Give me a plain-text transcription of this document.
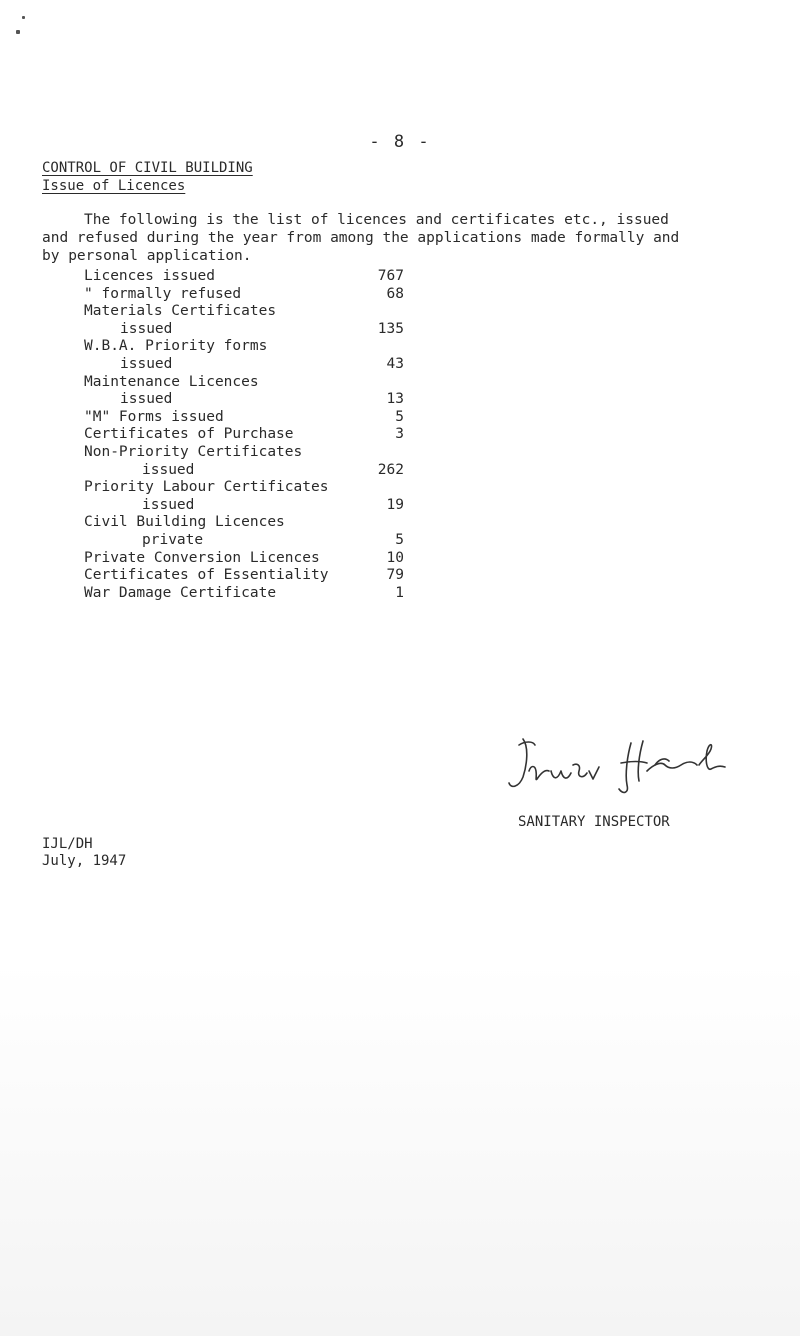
- 8 -
CONTROL OF CIVIL BUILDING
Issue of Licences
The following is the list of licences and certificates etc., issued
and refused during the year from among the applications made formally and
by personal application.
Licences issued	767
" formally refused	68
Materials Certificates
issued	135
W.B.A. Priority forms
issued	43
Maintenance Licences
issued	13
"M" Forms issued	5
Certificates of Purchase	3
Non-Priority Certificates
issued	262
Priority Labour Certificates
issued	19
Civil Building Licences
private	5
Private Conversion Licences	10
Certificates of Essentiality	79
War Damage Certificate	1
SANITARY INSPECTOR
IJL/DH
July, 1947
